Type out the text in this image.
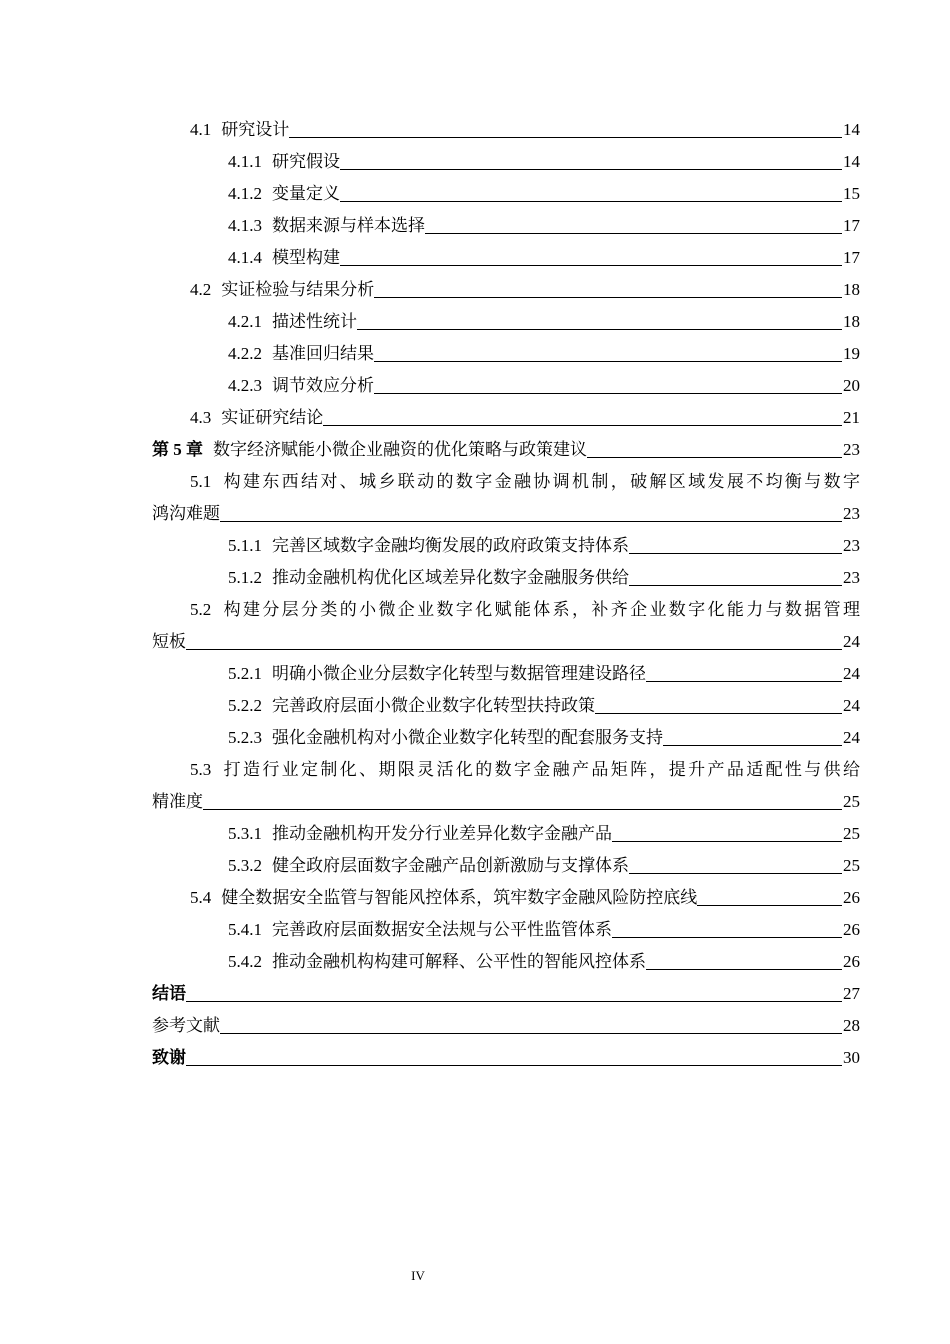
4.1 研究设计	14
4.1.1 研究假设	14
4.1.2 变量定义	15
4.1.3 数据来源与样本选择	17
4.1.4 模型构建	17
4.2 实证检验与结果分析	18
4.2.1 描述性统计	18
4.2.2 基准回归结果	19
4.2.3 调节效应分析	20
4.3 实证研究结论	21
第 5 章 数字经济赋能小微企业融资的优化策略与政策建议	23
5.1 构建东西结对、城乡联动的数字金融协调机制，破解区域发展不均衡与数字
鸿沟难题	23
5.1.1 完善区域数字金融均衡发展的政府政策支持体系	23
5.1.2 推动金融机构优化区域差异化数字金融服务供给	23
5.2 构建分层分类的小微企业数字化赋能体系，补齐企业数字化能力与数据管理
短板	24
5.2.1 明确小微企业分层数字化转型与数据管理建设路径	24
5.2.2 完善政府层面小微企业数字化转型扶持政策	24
5.2.3 强化金融机构对小微企业数字化转型的配套服务支持	24
5.3 打造行业定制化、期限灵活化的数字金融产品矩阵，提升产品适配性与供给
精准度	25
5.3.1 推动金融机构开发分行业差异化数字金融产品	25
5.3.2 健全政府层面数字金融产品创新激励与支撑体系	25
5.4 健全数据安全监管与智能风控体系，筑牢数字金融风险防控底线	26
5.4.1 完善政府层面数据安全法规与公平性监管体系	26
5.4.2 推动金融机构构建可解释、公平性的智能风控体系	26
结语	27
参考文献	28
致谢	30
IV
